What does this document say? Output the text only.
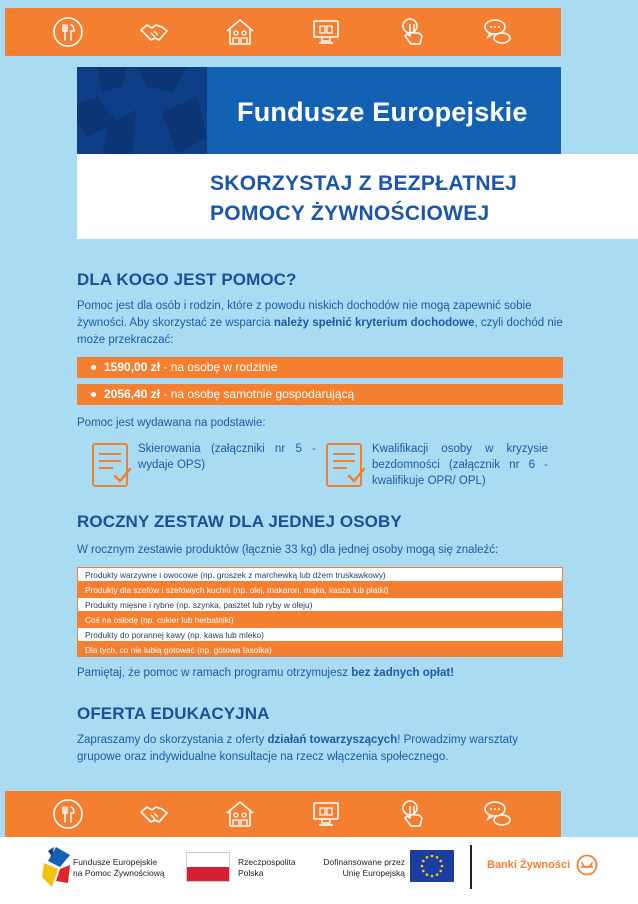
Fundusze Europejskie
SKORZYSTAJ Z BEZPŁATNEJ
POMOCY ŻYWNOŚCIOWEJ
DLA KOGO JEST POMOC?
Pomoc jest dla osób i rodzin, które z powodu niskich dochodów nie mogą zapewnić sobie żywności. Aby skorzystać ze wsparcia należy spełnić kryterium dochodowe, czyli dochód nie może przekraczać:
1590,00 zł - na osobę w rodzinie
2056,40 zł - na osobę samotnie gospodarującą
Pomoc jest wydawana na podstawie:
Skierowania (załączniki nr 5 - wydaje OPS)
Kwalifikacji osoby w kryzysie bezdomności (załącznik nr 6 - kwalifikuje OPR/ OPL)
ROCZNY ZESTAW DLA JEDNEJ OSOBY
W rocznym zestawie produktów (łącznie 33 kg) dla jednej osoby mogą się znaleźć:
Produkty warzywne i owocowe (np. groszek z marchewką lub dżem truskawkowy)
Produkty dla szefów i szefowych kuchni (np. olej, makaron, mąka, kasza lub płatki)
Produkty mięsne i rybne (np. szynka, pasztet lub ryby w oleju)
Coś na osłodę (np. cukier lub herbatniki)
Produkty do porannej kawy (np. kawa lub mleko)
Dla tych, co nie lubią gotować (np. gotowa fasolka)
Pamiętaj, że pomoc w ramach programu otrzymujesz bez żadnych opłat!
OFERTA EDUKACYJNA
Zapraszamy do skorzystania z oferty działań towarzyszących! Prowadzimy warsztaty grupowe oraz indywidualne konsultacje na rzecz włączenia społecznego.
Fundusze Europejskie
na Pomoc Żywnościową
Rzeczpospolita
Polska
Dofinansowane przez
Unię Europejską
Banki Żywności
